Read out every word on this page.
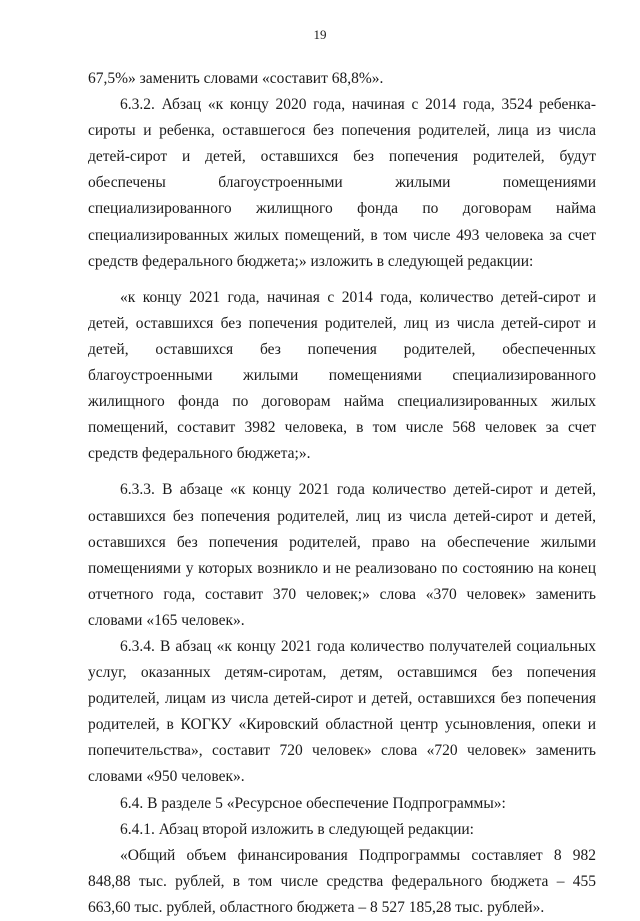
19

67,5%» заменить словами «составит 68,8%».

6.3.2. Абзац «к концу 2020 года, начиная с 2014 года, 3524 ребенка-сироты и ребенка, оставшегося без попечения родителей, лица из числа детей-сирот и детей, оставшихся без попечения родителей, будут обеспечены благоустроенными жилыми помещениями специализированного жилищного фонда по договорам найма специализированных жилых помещений, в том числе 493 человека за счет средств федерального бюджета;» изложить в следующей редакции:

«к концу 2021 года, начиная с 2014 года, количество детей-сирот и детей, оставшихся без попечения родителей, лиц из числа детей-сирот и детей, оставшихся без попечения родителей, обеспеченных благоустроенными жилыми помещениями специализированного жилищного фонда по договорам найма специализированных жилых помещений, составит 3982 человека, в том числе 568 человек за счет средств федерального бюджета;».

6.3.3. В абзаце «к концу 2021 года количество детей-сирот и детей, оставшихся без попечения родителей, лиц из числа детей-сирот и детей, оставшихся без попечения родителей, право на обеспечение жилыми помещениями у которых возникло и не реализовано по состоянию на конец отчетного года, составит 370 человек;» слова «370 человек» заменить словами «165 человек».

6.3.4. В абзац «к концу 2021 года количество получателей социальных услуг, оказанных детям-сиротам, детям, оставшимся без попечения родителей, лицам из числа детей-сирот и детей, оставшихся без попечения родителей, в КОГКУ «Кировский областной центр усыновления, опеки и попечительства», составит 720 человек» слова «720 человек» заменить словами «950 человек».

6.4. В разделе 5 «Ресурсное обеспечение Подпрограммы»:

6.4.1. Абзац второй изложить в следующей редакции:

«Общий объем финансирования Подпрограммы составляет 8 982 848,88 тыс. рублей, в том числе средства федерального бюджета – 455 663,60 тыс. рублей, областного бюджета – 8 527 185,28 тыс. рублей».
